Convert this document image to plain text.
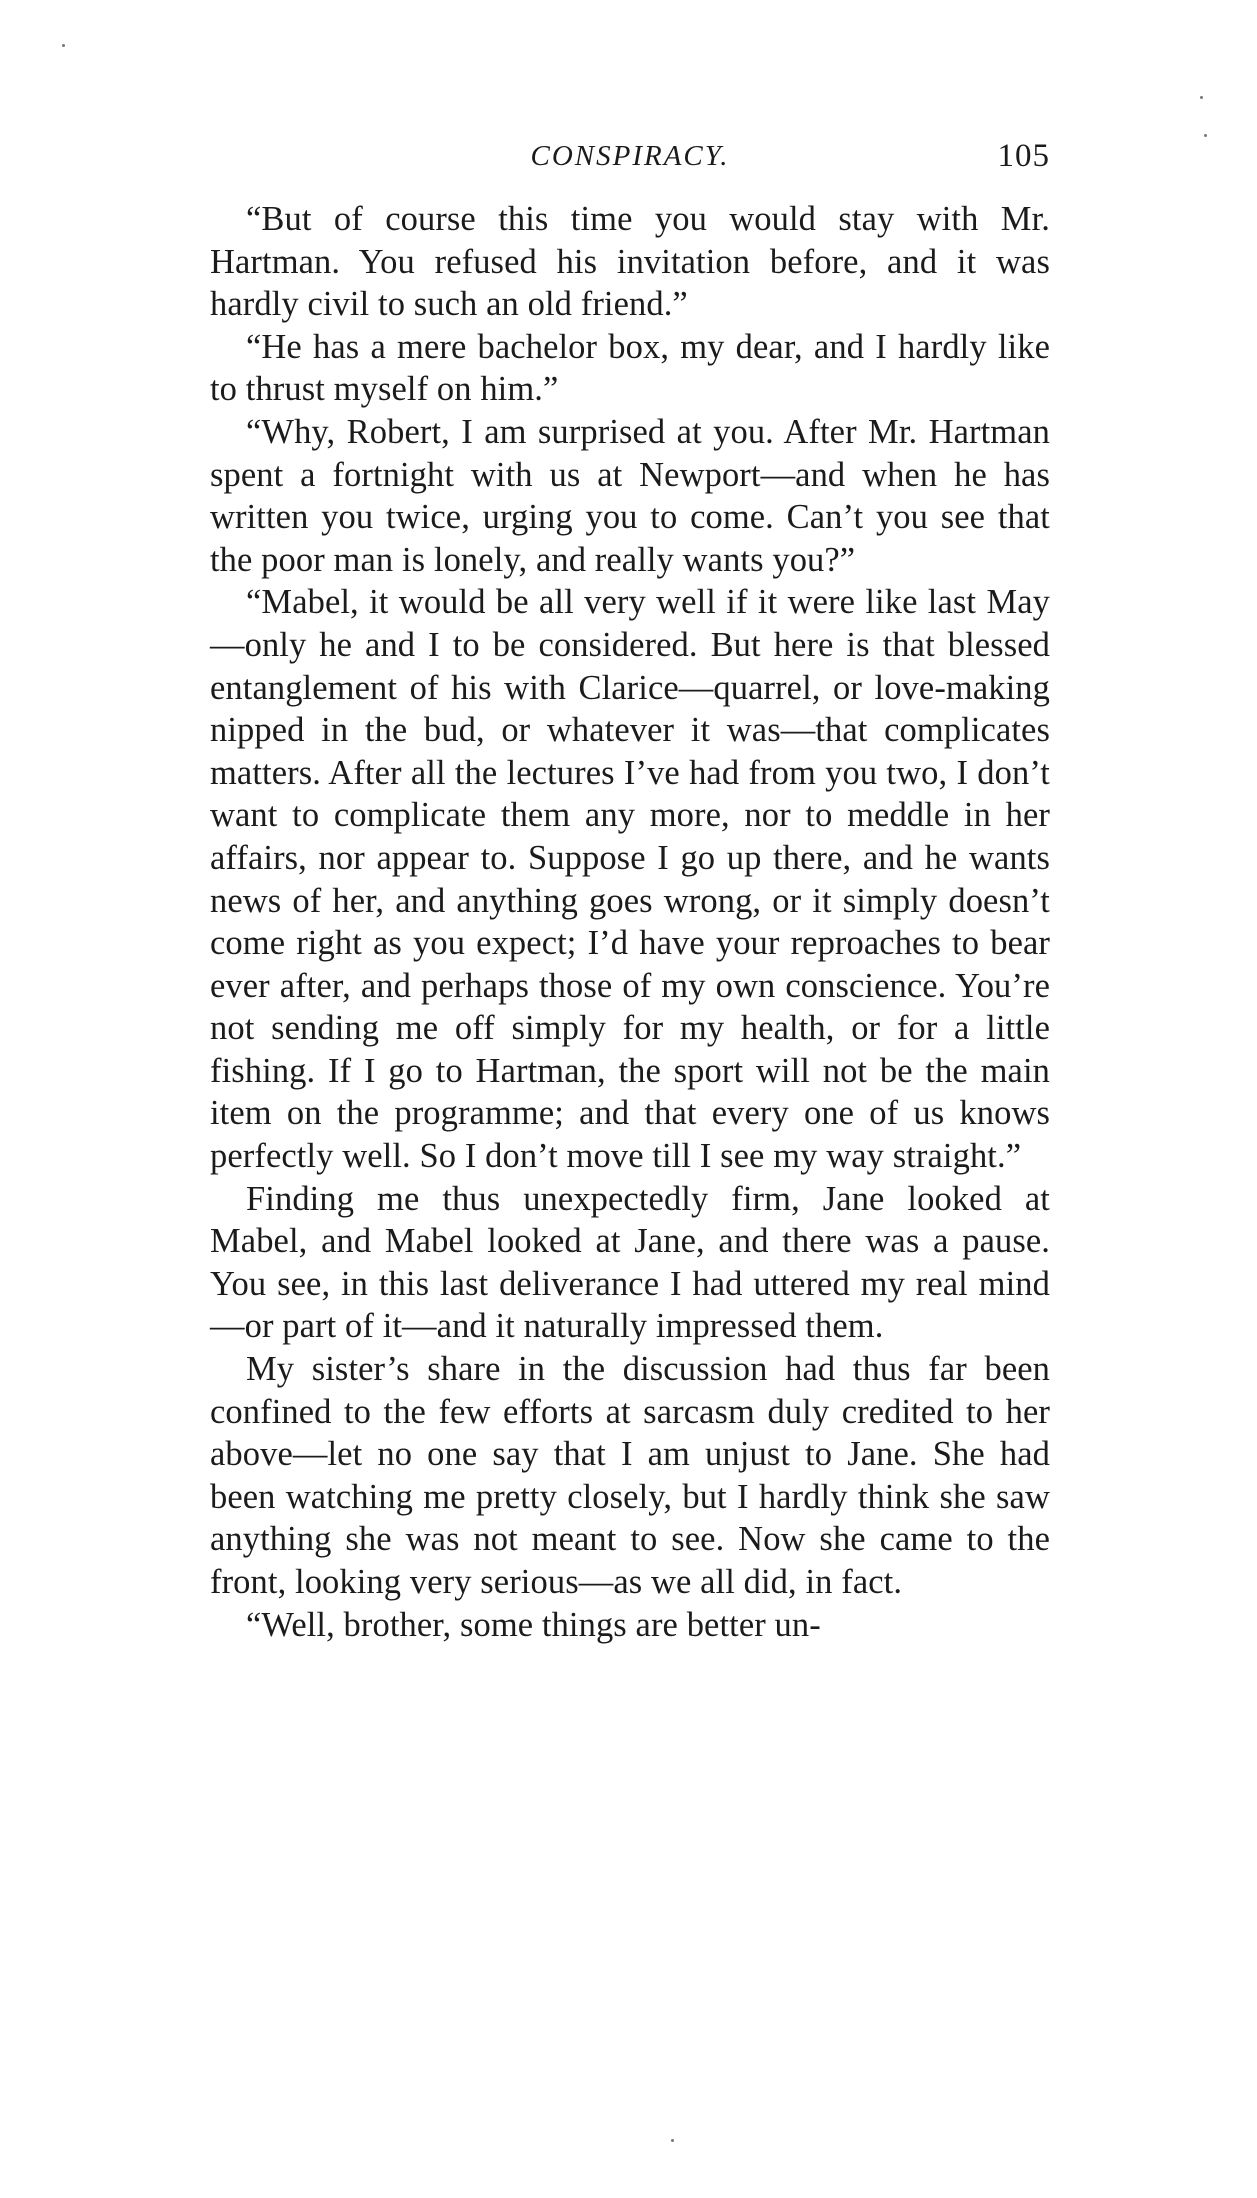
CONSPIRACY.	105

“But of course this time you would stay with Mr. Hartman. You refused his invitation before, and it was hardly civil to such an old friend.”

“He has a mere bachelor box, my dear, and I hardly like to thrust myself on him.”

“Why, Robert, I am surprised at you. After Mr. Hartman spent a fortnight with us at Newport—and when he has written you twice, urging you to come. Can’t you see that the poor man is lonely, and really wants you?”

“Mabel, it would be all very well if it were like last May—only he and I to be considered. But here is that blessed entanglement of his with Clarice—quarrel, or love-making nipped in the bud, or whatever it was—that complicates matters. After all the lectures I’ve had from you two, I don’t want to complicate them any more, nor to meddle in her affairs, nor appear to. Suppose I go up there, and he wants news of her, and anything goes wrong, or it simply doesn’t come right as you expect; I’d have your reproaches to bear ever after, and perhaps those of my own conscience. You’re not sending me off simply for my health, or for a little fishing. If I go to Hartman, the sport will not be the main item on the programme; and that every one of us knows perfectly well. So I don’t move till I see my way straight.”

Finding me thus unexpectedly firm, Jane looked at Mabel, and Mabel looked at Jane, and there was a pause. You see, in this last deliverance I had uttered my real mind—or part of it—and it naturally impressed them.

My sister’s share in the discussion had thus far been confined to the few efforts at sarcasm duly credited to her above—let no one say that I am unjust to Jane. She had been watching me pretty closely, but I hardly think she saw anything she was not meant to see. Now she came to the front, looking very serious—as we all did, in fact.

“Well, brother, some things are better un-
